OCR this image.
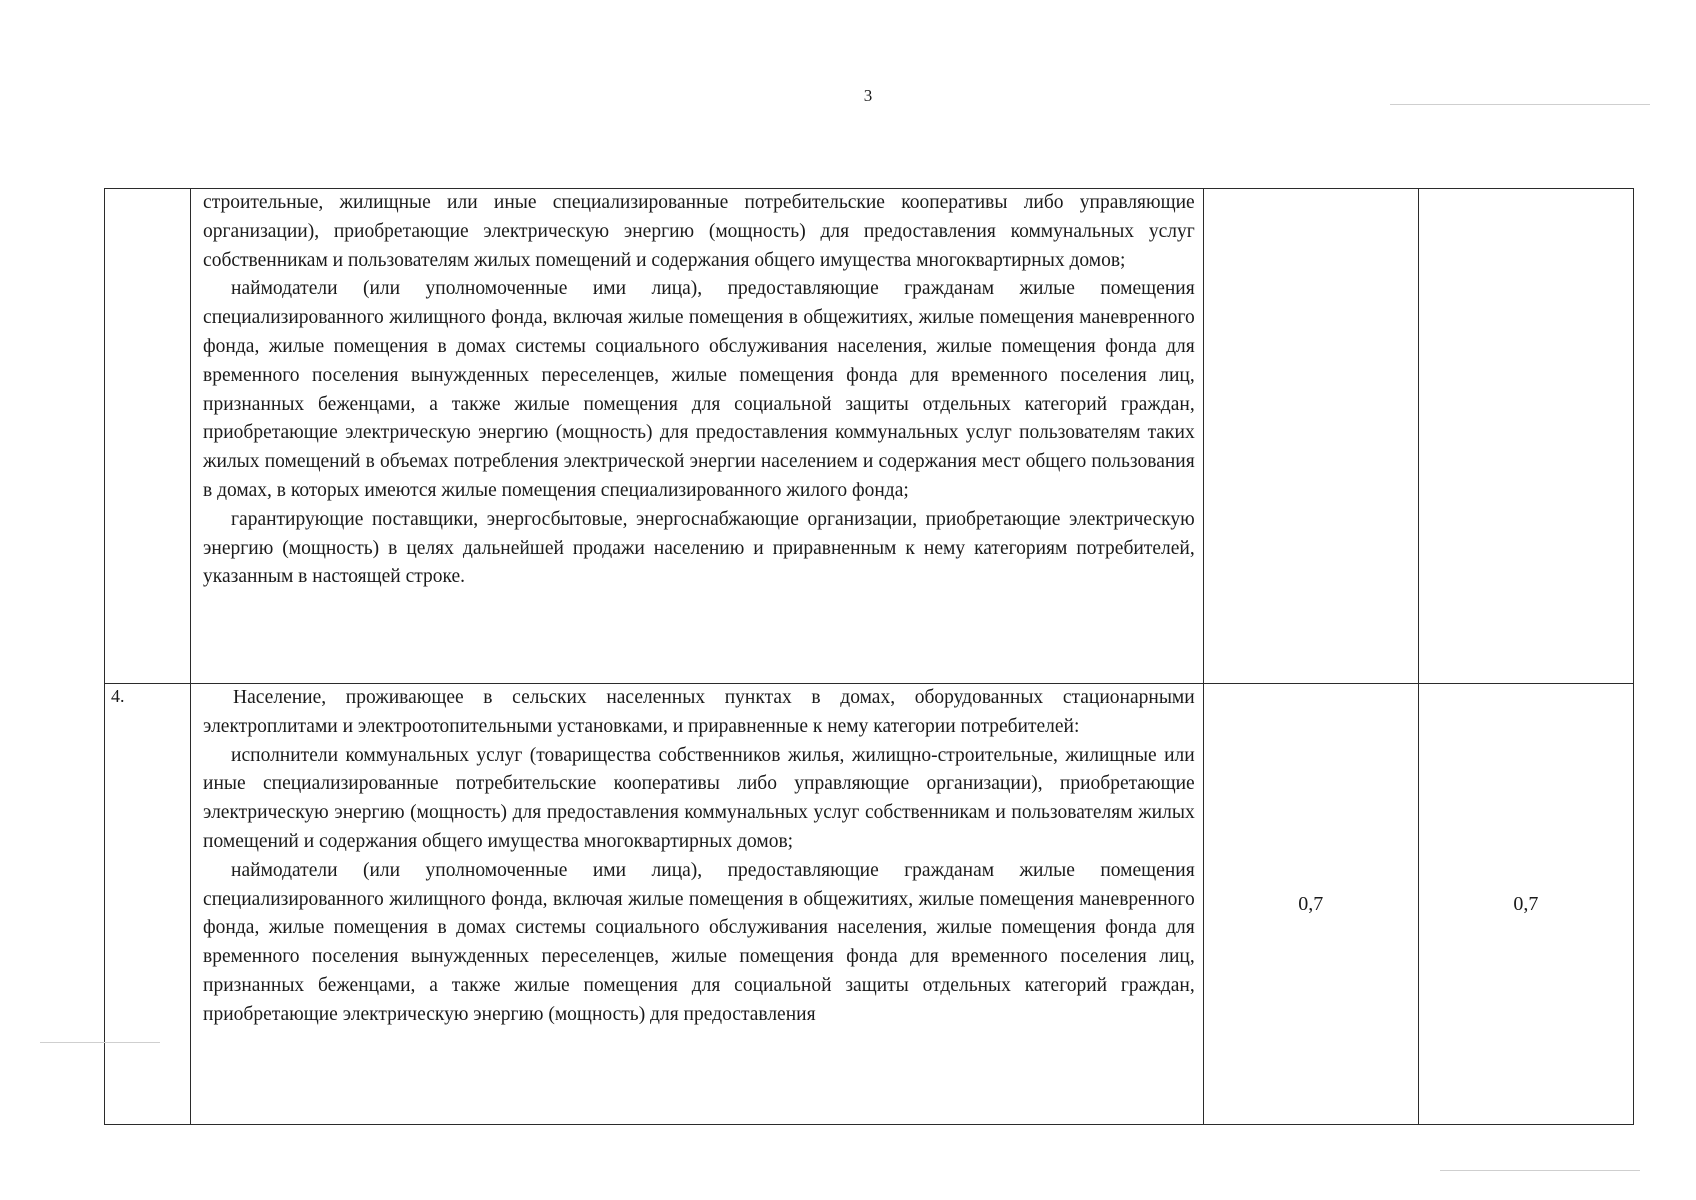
3

	строительные, жилищные или иные специализированные потребительские кооперативы либо управляющие организации), приобретающие электрическую энергию (мощность) для предоставления коммунальных услуг собственникам и пользователям жилых помещений и содержания общего имущества многоквартирных домов;

наймодатели (или уполномоченные ими лица), предоставляющие гражданам жилые помещения специализированного жилищного фонда, включая жилые помещения в общежитиях, жилые помещения маневренного фонда, жилые помещения в домах системы социального обслуживания населения, жилые помещения фонда для временного поселения вынужденных переселенцев, жилые помещения фонда для временного поселения лиц, признанных беженцами, а также жилые помещения для социальной защиты отдельных категорий граждан, приобретающие электрическую энергию (мощность) для предоставления коммунальных услуг пользователям таких жилых помещений в объемах потребления электрической энергии населением и содержания мест общего пользования в домах, в которых имеются жилые помещения специализированного жилого фонда;

гарантирующие поставщики, энергосбытовые, энергоснабжающие организации, приобретающие электрическую энергию (мощность) в целях дальнейшей продажи населению и приравненным к нему категориям потребителей, указанным в настоящей строке.		

4.	Население, проживающее в сельских населенных пунктах в домах, оборудованных стационарными электроплитами и электроотопительными установками, и приравненные к нему категории потребителей:

исполнители коммунальных услуг (товарищества собственников жилья, жилищно-строительные, жилищные или иные специализированные потребительские кооперативы либо управляющие организации), приобретающие электрическую энергию (мощность) для предоставления коммунальных услуг собственникам и пользователям жилых помещений и содержания общего имущества многоквартирных домов;

наймодатели (или уполномоченные ими лица), предоставляющие гражданам жилые помещения специализированного жилищного фонда, включая жилые помещения в общежитиях, жилые помещения маневренного фонда, жилые помещения в домах системы социального обслуживания населения, жилые помещения фонда для временного поселения вынужденных переселенцев, жилые помещения фонда для временного поселения лиц, признанных беженцами, а также жилые помещения для социальной защиты отдельных категорий граждан, приобретающие электрическую энергию (мощность) для предоставления	0,7	0,7
